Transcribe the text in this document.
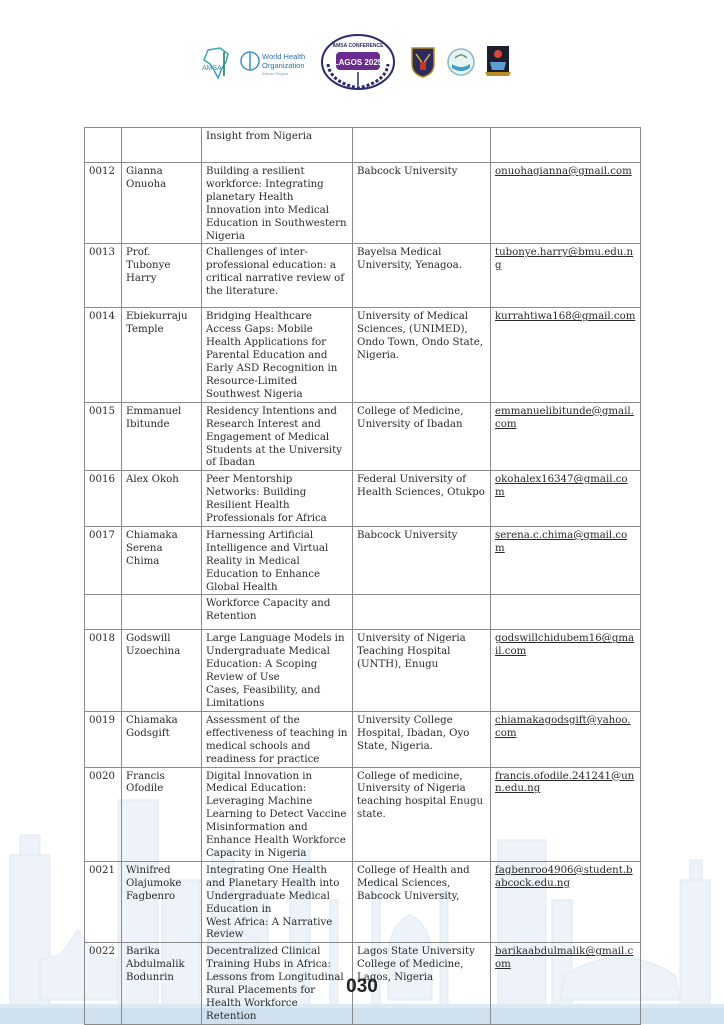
AMSA
World Health
Organization
African Region
LAGOS 2025
AMSA CONFERENCE
		Insight from Nigeria		
0012	Gianna Onuoha	Building a resilient workforce: Integrating planetary Health Innovation into Medical Education in Southwestern Nigeria	Babcock University	onuohagianna@gmail.com
0013	Prof. Tubonye Harry	Challenges of inter-professional education: a critical narrative review of the literature.	Bayelsa Medical University, Yenagoa.	tubonye.harry@bmu.edu.ng
0014	Ebiekurraju Temple	Bridging Healthcare Access Gaps: Mobile Health Applications for Parental Education and Early ASD Recognition in Resource-Limited Southwest Nigeria	University of Medical Sciences, (UNIMED), Ondo Town, Ondo State, Nigeria.	kurrahtiwa168@gmail.com
0015	Emmanuel Ibitunde	Residency Intentions and Research Interest and Engagement of Medical Students at the University of Ibadan	College of Medicine, University of Ibadan	emmanuelibitunde@gmail.com
0016	Alex Okoh	Peer Mentorship Networks: Building Resilient Health Professionals for Africa	Federal University of Health Sciences, Otukpo	okohalex16347@gmail.com
0017	Chiamaka Serena Chima	Harnessing Artificial Intelligence and Virtual Reality in Medical Education to Enhance Global Health	Babcock University	serena.c.chima@gmail.com
		Workforce Capacity and Retention		
0018	Godswill Uzoechina	Large Language Models in Undergraduate Medical Education: A Scoping Review of Use
Cases, Feasibility, and Limitations	University of Nigeria Teaching Hospital (UNTH), Enugu	godswillchidubem16@gmail.com
0019	Chiamaka Godsgift	Assessment of the effectiveness of teaching in medical schools and readiness for practice	University College Hospital, Ibadan, Oyo State, Nigeria.	chiamakagodsgift@yahoo.com
0020	Francis Ofodile	Digital Innovation in Medical Education: Leveraging Machine Learning to Detect Vaccine Misinformation and Enhance Health Workforce Capacity in Nigeria	College of medicine, University of Nigeria teaching hospital Enugu state.	francis.ofodile.241241@unn.edu.ng
0021	Winifred Olajumoke Fagbenro	Integrating One Health and Planetary Health into Undergraduate Medical Education in
West Africa: A Narrative Review	College of Health and Medical Sciences, Babcock University,	fagbenroo4906@student.babcock.edu.ng
0022	Barika Abdulmalik Bodunrin	Decentralized Clinical Training Hubs in Africa: Lessons from Longitudinal Rural Placements for Health Workforce Retention	Lagos State University College of Medicine, Lagos, Nigeria	barikaabdulmalik@gmail.com
030
